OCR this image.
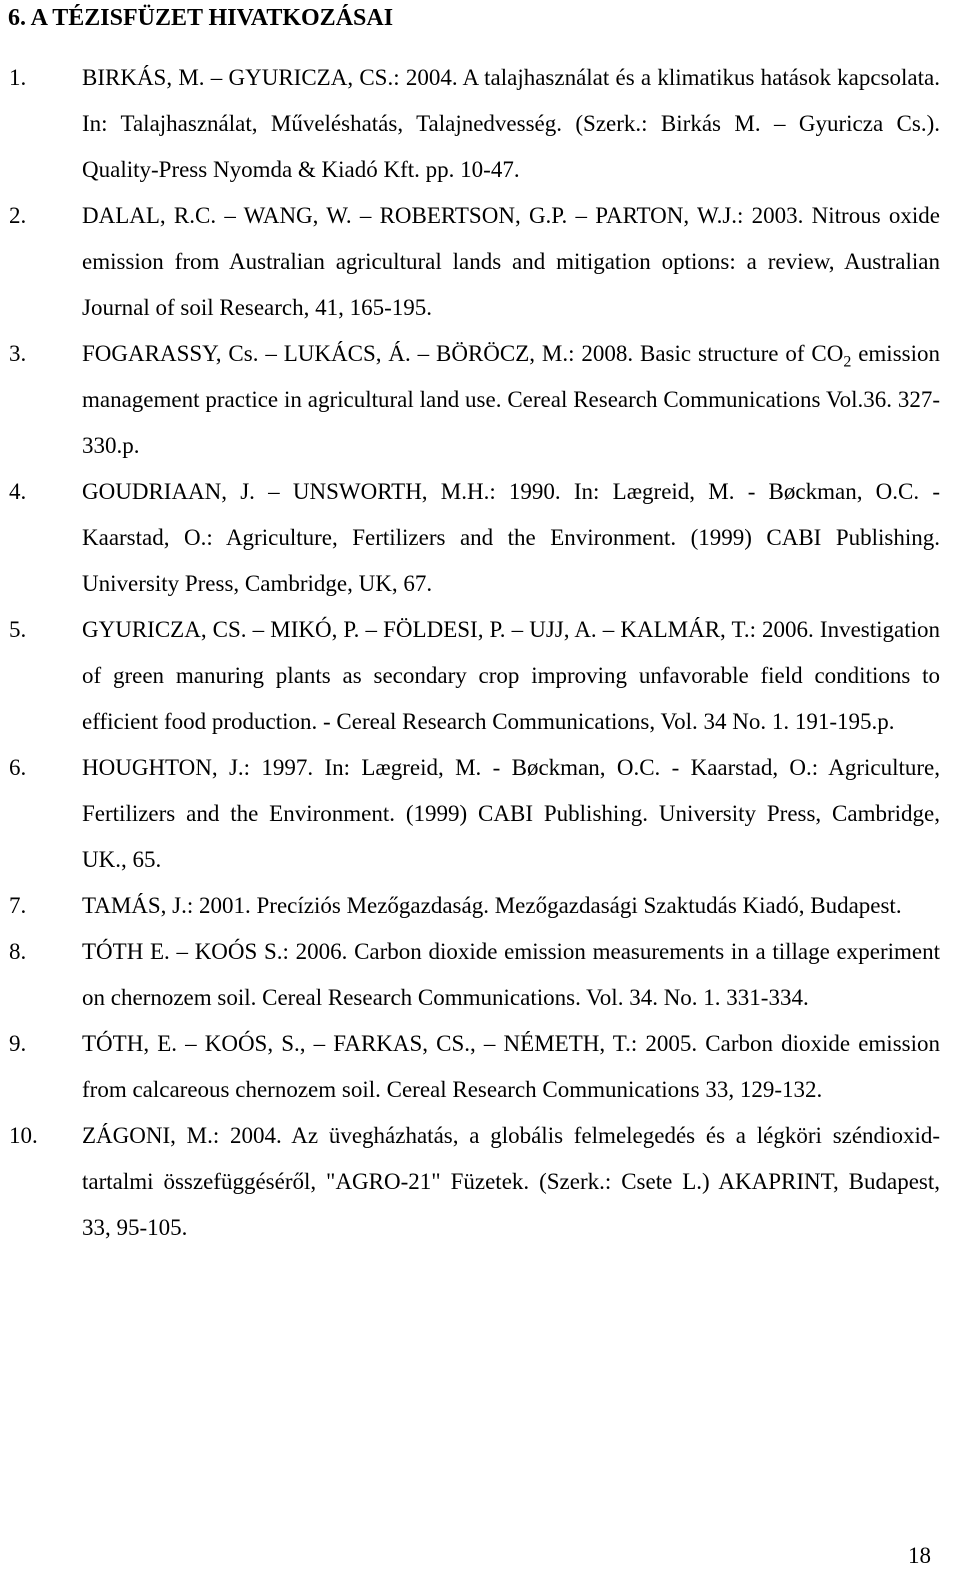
6. A TÉZISFÜZET HIVATKOZÁSAI
1. BIRKÁS, M. – GYURICZA, CS.: 2004. A talajhasználat és a klimatikus hatások kapcsolata. In: Talajhasználat, Műveléshatás, Talajnedvesség. (Szerk.: Birkás M. – Gyuricza Cs.). Quality-Press Nyomda & Kiadó Kft. pp. 10-47.
2. DALAL, R.C. – WANG, W. – ROBERTSON, G.P. – PARTON, W.J.: 2003. Nitrous oxide emission from Australian agricultural lands and mitigation options: a review, Australian Journal of soil Research, 41, 165-195.
3. FOGARASSY, Cs. – LUKÁCS, Á. – BÖRÖCZ, M.: 2008. Basic structure of $CO_2$ emission management practice in agricultural land use. Cereal Research Communications Vol.36. 327-330.p.
4. GOUDRIAAN, J. – UNSWORTH, M.H.: 1990. In: Lægreid, M. - Bøckman, O.C. - Kaarstad, O.: Agriculture, Fertilizers and the Environment. (1999) CABI Publishing. University Press, Cambridge, UK, 67.
5. GYURICZA, CS. – MIKÓ, P. – FÖLDESI, P. – UJJ, A. – KALMÁR, T.: 2006. Investigation of green manuring plants as secondary crop improving unfavorable field conditions to efficient food production. - Cereal Research Communications, Vol. 34 No. 1. 191-195.p.
6. HOUGHTON, J.: 1997. In: Lægreid, M. - Bøckman, O.C. - Kaarstad, O.: Agriculture, Fertilizers and the Environment. (1999) CABI Publishing. University Press, Cambridge, UK., 65.
7. TAMÁS, J.: 2001. Precíziós Mezőgazdaság. Mezőgazdasági Szaktudás Kiadó, Budapest.
8. TÓTH E. – KOÓS S.: 2006. Carbon dioxide emission measurements in a tillage experiment on chernozem soil. Cereal Research Communications. Vol. 34. No. 1. 331-334.
9. TÓTH, E. – KOÓS, S., – FARKAS, CS., – NÉMETH, T.: 2005. Carbon dioxide emission from calcareous chernozem soil. Cereal Research Communications 33, 129-132.
10. ZÁGONI, M.: 2004. Az üvegházhatás, a globális felmelegedés és a légköri széndioxid-tartalmi összefüggéséről, "AGRO-21" Füzetek. (Szerk.: Csete L.) AKAPRINT, Budapest, 33, 95-105.
18
